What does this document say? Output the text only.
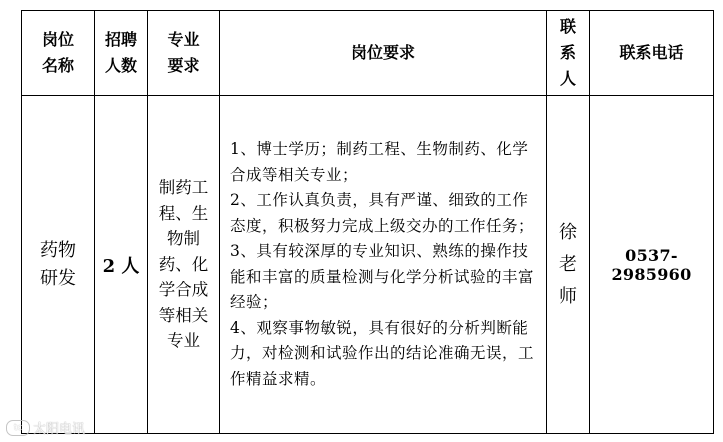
岗位名称	招聘人数	专业要求	岗位要求	联系人	联系电话
药物研发	2 人	制药工程、生物制药、化学合成等相关专业	1、博士学历；制药工程、生物制药、化学合成等相关专业；
2、工作认真负责，具有严谨、细致的工作态度，积极努力完成上级交办的工作任务；
3、具有较深厚的专业知识、熟练的操作技能和丰富的质量检测与化学分析试验的丰富经验；
4、观察事物敏锐，具有很好的分析判断能力，对检测和试验作出的结论准确无误，工作精益求精。	徐老师	0537-2985960
tc 太阳电讯
